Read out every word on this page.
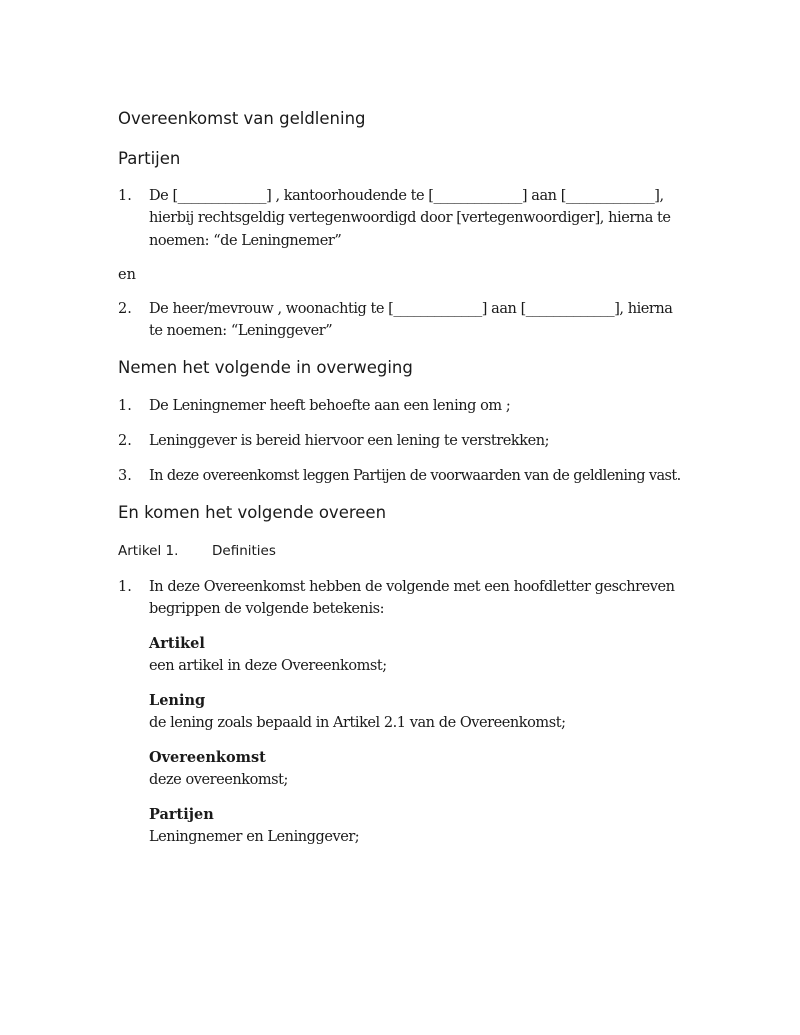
Overeenkomst van geldlening
Partijen
1. De [_____________] , kantoorhoudende te [_____________] aan [_____________],
hierbij rechtsgeldig vertegenwoordigd door [vertegenwoordiger], hierna te
noemen: “de Leningnemer”
en
2. De heer/mevrouw , woonachtig te [_____________] aan [_____________], hierna
te noemen: “Leninggever”
Nemen het volgende in overweging
1. De Leningnemer heeft behoefte aan een lening om ;
2. Leninggever is bereid hiervoor een lening te verstrekken;
3. In deze overeenkomst leggen Partijen de voorwaarden van de geldlening vast.
En komen het volgende overeen
Artikel 1. Definities
1. In deze Overeenkomst hebben de volgende met een hoofdletter geschreven
begrippen de volgende betekenis:
Artikel
een artikel in deze Overeenkomst;
Lening
de lening zoals bepaald in Artikel 2.1 van de Overeenkomst;
Overeenkomst
deze overeenkomst;
Partijen
Leningnemer en Leninggever;
